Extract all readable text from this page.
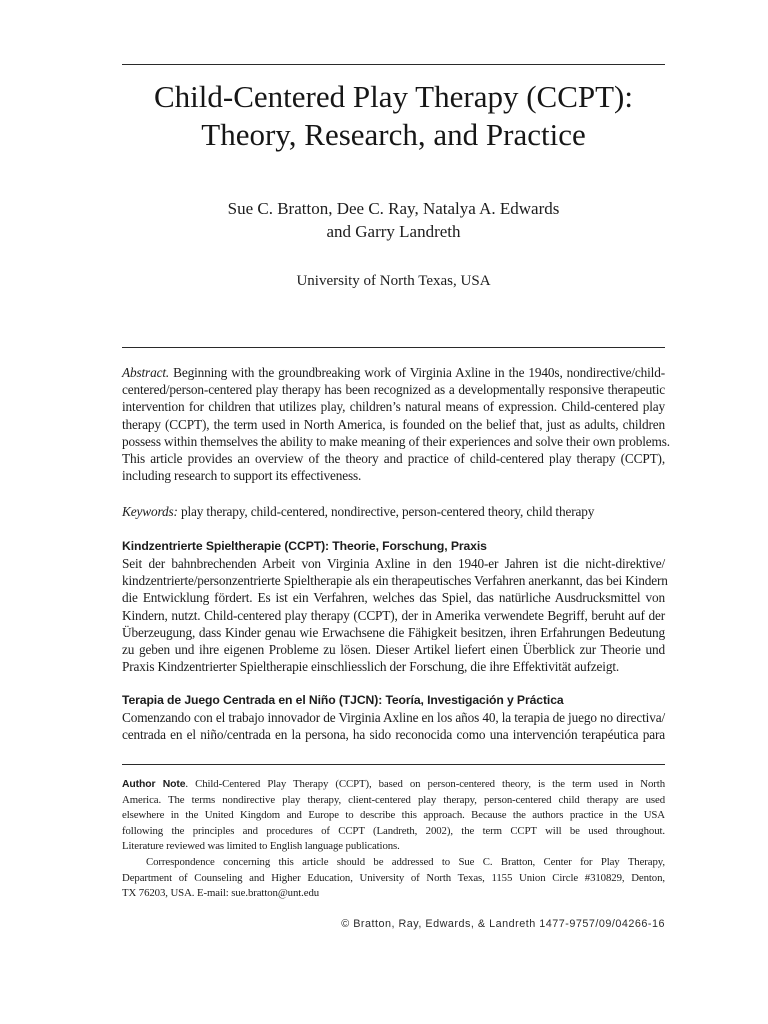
Child-Centered Play Therapy (CCPT):
Theory, Research, and Practice
Sue C. Bratton, Dee C. Ray, Natalya A. Edwards
and Garry Landreth
University of North Texas, USA
Abstract. Beginning with the groundbreaking work of Virginia Axline in the 1940s, nondirective/child-
centered/person-centered play therapy has been recognized as a developmentally responsive therapeutic
intervention for children that utilizes play, children’s natural means of expression. Child-centered play
therapy (CCPT), the term used in North America, is founded on the belief that, just as adults, children
possess within themselves the ability to make meaning of their experiences and solve their own problems.
This article provides an overview of the theory and practice of child-centered play therapy (CCPT),
including research to support its effectiveness.
Keywords: play therapy, child-centered, nondirective, person-centered theory, child therapy
Kindzentrierte Spieltherapie (CCPT): Theorie, Forschung, Praxis
Seit der bahnbrechenden Arbeit von Virginia Axline in den 1940-er Jahren ist die nicht-direktive/
kindzentrierte/personzentrierte Spieltherapie als ein therapeutisches Verfahren anerkannt, das bei Kindern
die Entwicklung fördert. Es ist ein Verfahren, welches das Spiel, das natürliche Ausdrucksmittel von
Kindern, nutzt. Child-centered play therapy (CCPT), der in Amerika verwendete Begriff, beruht auf der
Überzeugung, dass Kinder genau wie Erwachsene die Fähigkeit besitzen, ihren Erfahrungen Bedeutung
zu geben und ihre eigenen Probleme zu lösen. Dieser Artikel liefert einen Überblick zur Theorie und
Praxis Kindzentrierter Spieltherapie einschliesslich der Forschung, die ihre Effektivität aufzeigt.
Terapia de Juego Centrada en el Niño (TJCN): Teoría, Investigación y Práctica
Comenzando con el trabajo innovador de Virginia Axline en los años 40, la terapia de juego no directiva/
centrada en el niño/centrada en la persona, ha sido reconocida como una intervención terapéutica para
Author Note. Child-Centered Play Therapy (CCPT), based on person-centered theory, is the term used in North
America. The terms nondirective play therapy, client-centered play therapy, person-centered child therapy are used
elsewhere in the United Kingdom and Europe to describe this approach. Because the authors practice in the USA
following the principles and procedures of CCPT (Landreth, 2002), the term CCPT will be used throughout.
Literature reviewed was limited to English language publications.
Correspondence concerning this article should be addressed to Sue C. Bratton, Center for Play Therapy,
Department of Counseling and Higher Education, University of North Texas, 1155 Union Circle #310829, Denton,
TX 76203, USA. E-mail: sue.bratton@unt.edu
© Bratton, Ray, Edwards, & Landreth 1477-9757/09/04266-16
